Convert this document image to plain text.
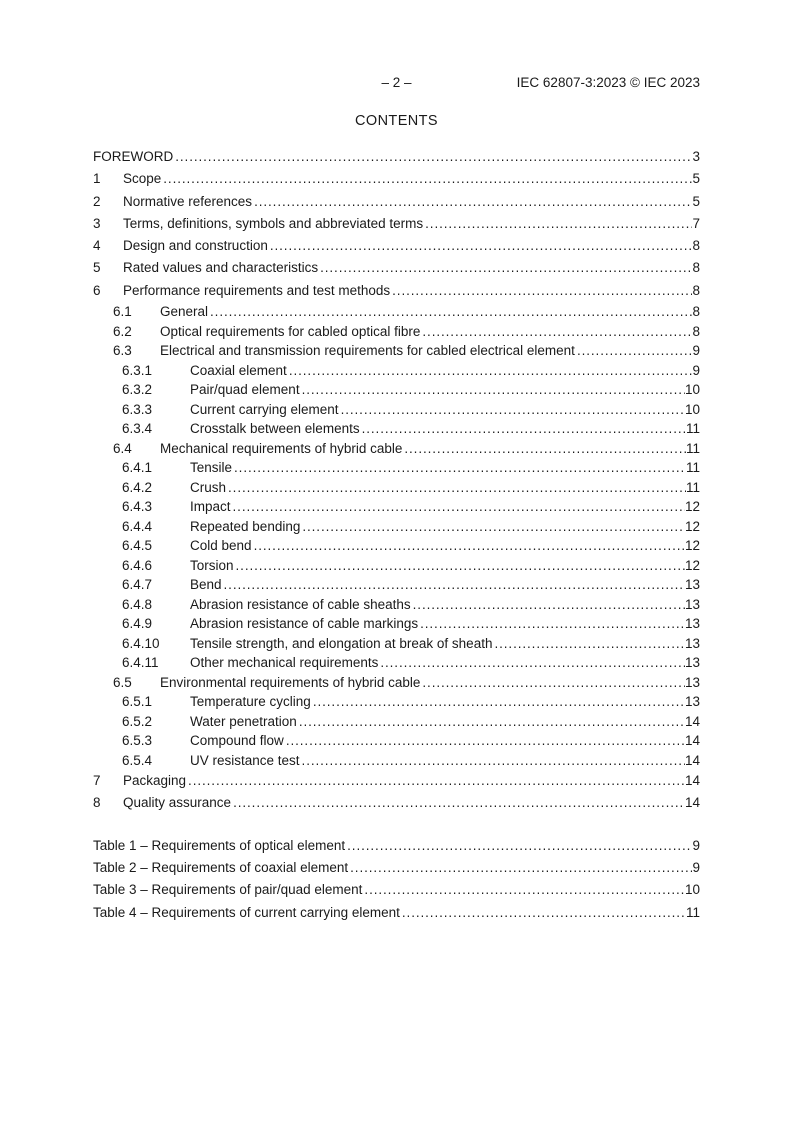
– 2 –	IEC 62807-3:2023 © IEC 2023
CONTENTS
FOREWORD .....	3
1	Scope .....	5
2	Normative references .....	5
3	Terms, definitions, symbols and abbreviated terms .....	7
4	Design and construction .....	8
5	Rated values and characteristics .....	8
6	Performance requirements and test methods .....	8
6.1	General .....	8
6.2	Optical requirements for cabled optical fibre .....	8
6.3	Electrical and transmission requirements for cabled electrical element .....	9
6.3.1	Coaxial element .....	9
6.3.2	Pair/quad element .....	10
6.3.3	Current carrying element .....	10
6.3.4	Crosstalk between elements .....	11
6.4	Mechanical requirements of hybrid cable .....	11
6.4.1	Tensile .....	11
6.4.2	Crush .....	11
6.4.3	Impact .....	12
6.4.4	Repeated bending .....	12
6.4.5	Cold bend .....	12
6.4.6	Torsion .....	12
6.4.7	Bend .....	13
6.4.8	Abrasion resistance of cable sheaths .....	13
6.4.9	Abrasion resistance of cable markings .....	13
6.4.10	Tensile strength, and elongation at break of sheath .....	13
6.4.11	Other mechanical requirements .....	13
6.5	Environmental requirements of hybrid cable .....	13
6.5.1	Temperature cycling .....	13
6.5.2	Water penetration .....	14
6.5.3	Compound flow .....	14
6.5.4	UV resistance test .....	14
7	Packaging .....	14
8	Quality assurance .....	14
Table 1 – Requirements of optical element .....	9
Table 2 – Requirements of coaxial element .....	9
Table 3 – Requirements of pair/quad element .....	10
Table 4 – Requirements of current carrying element .....	11
